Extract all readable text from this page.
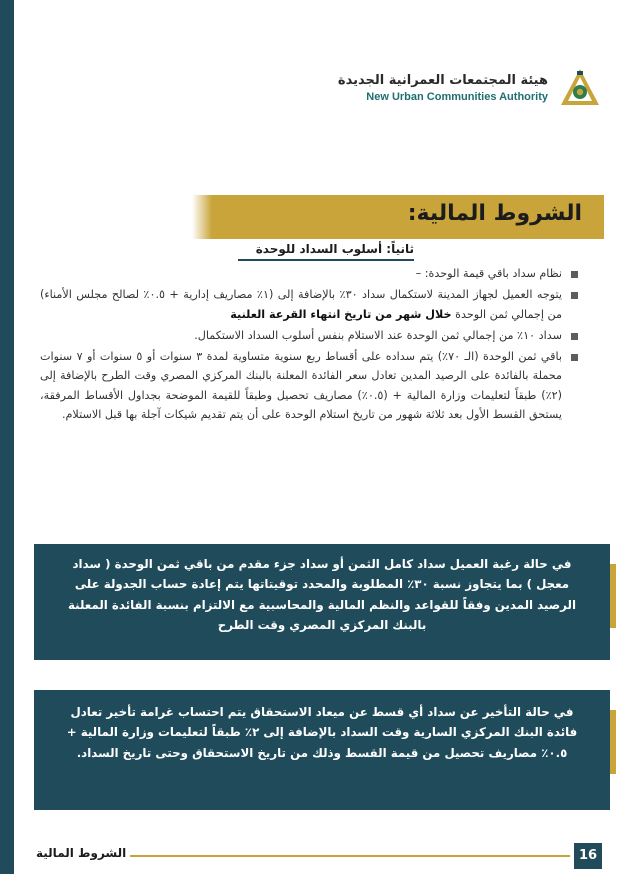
هيئة المجتمعات العمرانية الجديدة
New Urban Communities Authority
الشروط المالية:
ثانياً: أسلوب السداد للوحدة
نظام سداد باقي قيمة الوحدة: –
يتوجه العميل لجهاز المدينة لاستكمال سداد ٣٠٪ بالإضافة إلى (١٪ مصاريف إدارية + ٠.٥٪ لصالح مجلس الأمناء) من إجمالي ثمن الوحدة خلال شهر من تاريخ انتهاء القرعة العلنية
سداد ١٠٪ من إجمالي ثمن الوحدة عند الاستلام بنفس أسلوب السداد الاستكمال.
باقي ثمن الوحدة (الـ ٧٠٪) يتم سداده على أقساط ربع سنوية متساوية لمدة ٣ سنوات أو ٥ سنوات أو ٧ سنوات محملة بالفائدة على الرصيد المدين تعادل سعر الفائدة المعلنة بالبنك المركزي المصري وقت الطرح بالإضافة إلى (٢٪) طبقاً لتعليمات وزارة المالية + (٠.٥٪) مصاريف تحصيل وطبقاً للقيمة الموضحة بجداول الأقساط المرفقة، يستحق القسط الأول بعد ثلاثة شهور من تاريخ استلام الوحدة على أن يتم تقديم شيكات آجلة بها قبل الاستلام.
في حالة رغبة العميل سداد كامل الثمن أو سداد جزء مقدم من باقي ثمن الوحدة ( سداد معجل ) بما يتجاوز نسبة ٣٠٪ المطلوبة والمحدد توقيتاتها يتم إعادة حساب الجدولة على الرصيد المدين وفقاً للقواعد والنظم المالية والمحاسبية مع الالتزام بنسبة الفائدة المعلنة بالبنك المركزي المصري وقت الطرح
في حالة التأخير عن سداد أي قسط عن ميعاد الاستحقاق يتم احتساب غرامة تأخير تعادل فائدة البنك المركزي السارية وقت السداد بالإضافة إلى ٢٪ طبقاً لتعليمات وزارة المالية + ٠.٥٪ مصاريف تحصيل من قيمة القسط وذلك من تاريخ الاستحقاق وحتى تاريخ السداد.
الشروط المالية	16
